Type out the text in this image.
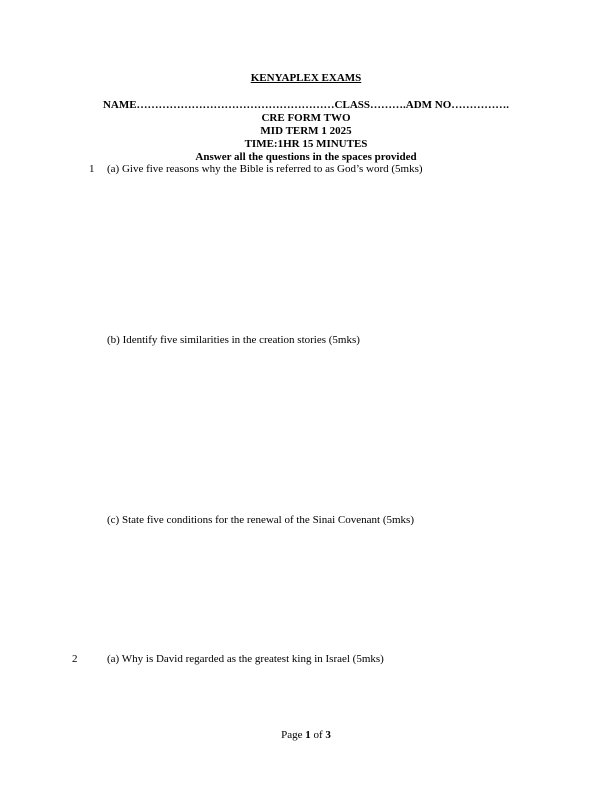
KENYAPLEX EXAMS
NAME………………………………………………CLASS……….ADM NO…………….
CRE FORM TWO
MID TERM 1 2025
TIME:1HR 15 MINUTES
Answer all the questions in the spaces provided
1 (a) Give five reasons why the Bible is referred to as God’s word (5mks)
(b) Identify five similarities in the creation stories (5mks)
(c) State five conditions for the renewal of the Sinai Covenant (5mks)
2	(a) Why is David regarded as the greatest king in Israel (5mks)
Page 1 of 3
